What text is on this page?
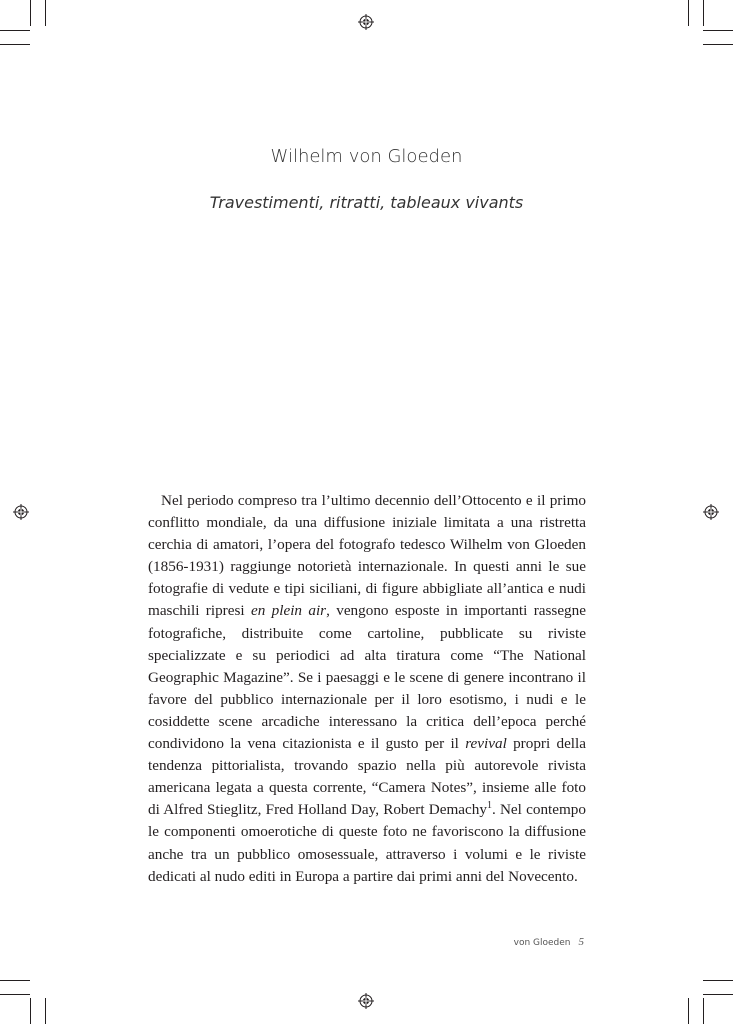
Wilhelm von Gloeden
Travestimenti, ritratti, tableaux vivants

Nel periodo compreso tra l’ultimo decennio dell’Ottocento e il primo conflitto mondiale, da una diffusione iniziale limitata a una ristretta cerchia di amatori, l’opera del fotografo tedesco Wilhelm von Gloeden (1856-1931) raggiunge notorietà internazionale. In questi anni le sue fotografie di vedute e tipi siciliani, di figure abbigliate all’antica e nudi maschili ripresi en plein air, vengono esposte in importanti rassegne fotografiche, distribuite come cartoline, pubblicate su riviste specializzate e su periodici ad alta tiratura come “The National Geographic Magazine”. Se i paesaggi e le scene di genere incontrano il favore del pubblico internazionale per il loro esotismo, i nudi e le cosiddette scene arcadiche interessano la critica dell’epoca perché condividono la vena citazionista e il gusto per il revival propri della tendenza pittorialista, trovando spazio nella più autorevole rivista americana legata a questa corrente, “Camera Notes”, insieme alle foto di Alfred Stieglitz, Fred Holland Day, Robert Demachy$^1$. Nel contempo le componenti omoerotiche di queste foto ne favoriscono la diffusione anche tra un pubblico omosessuale, attraverso i volumi e le riviste dedicati al nudo editi in Europa a partire dai primi anni del Novecento.

von Gloeden 5
